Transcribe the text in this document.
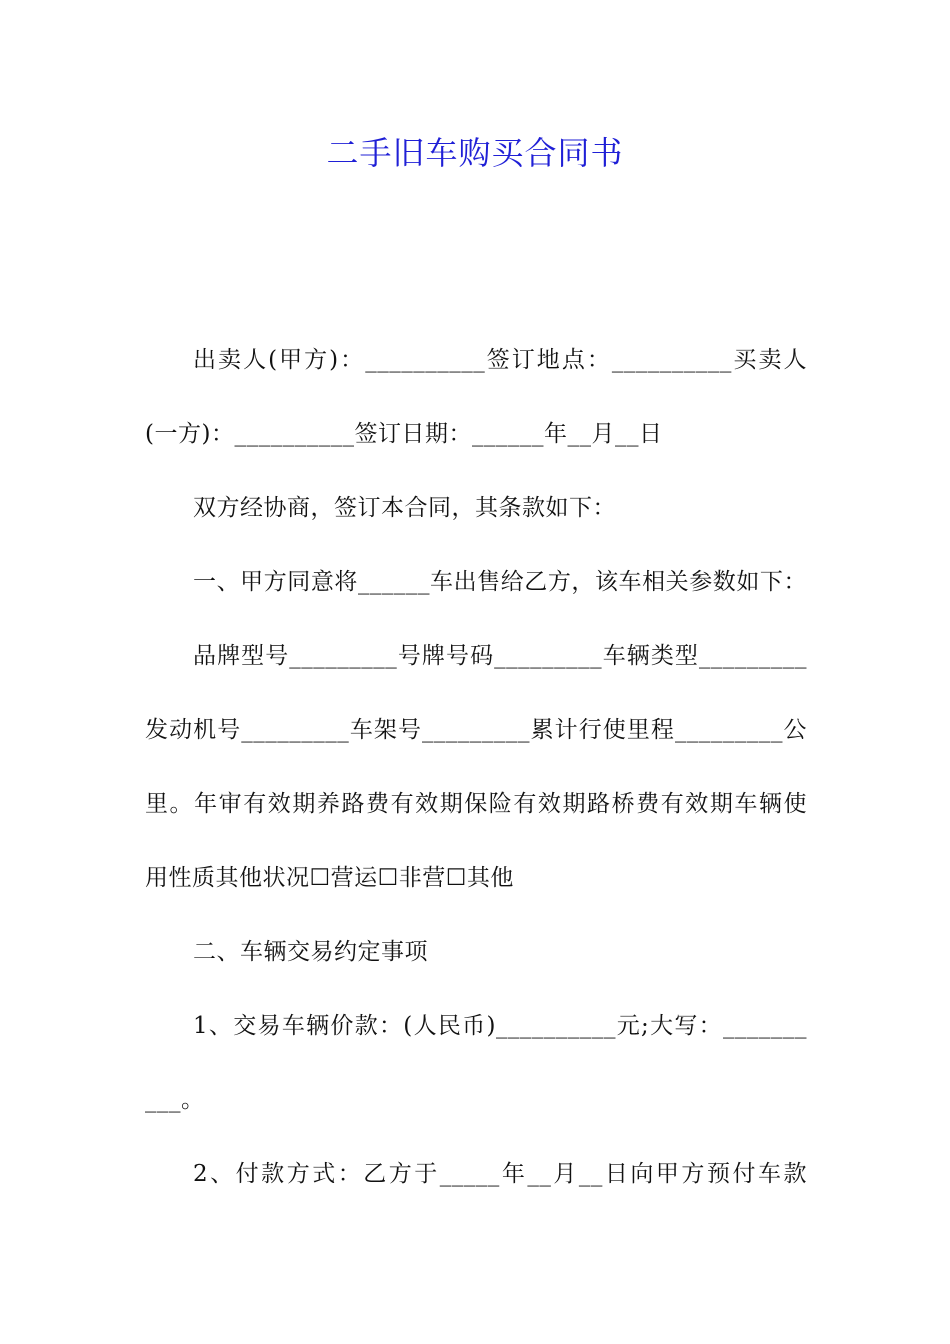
二手旧车购买合同书
出卖人(甲方)：__________签订地点：__________买卖人
(一方)：__________签订日期：______年__月__日
双方经协商，签订本合同，其条款如下：
一、甲方同意将______车出售给乙方，该车相关参数如下：
品牌型号_________号牌号码_________车辆类型_________
发动机号_________车架号_________累计行使里程_________公
里。年审有效期养路费有效期保险有效期路桥费有效期车辆使
用性质其他状况☐营运☐非营☐其他
二、车辆交易约定事项
1、交易车辆价款：(人民币)__________元;大写：_______
___。
2、付款方式：乙方于_____年__月__日向甲方预付车款
